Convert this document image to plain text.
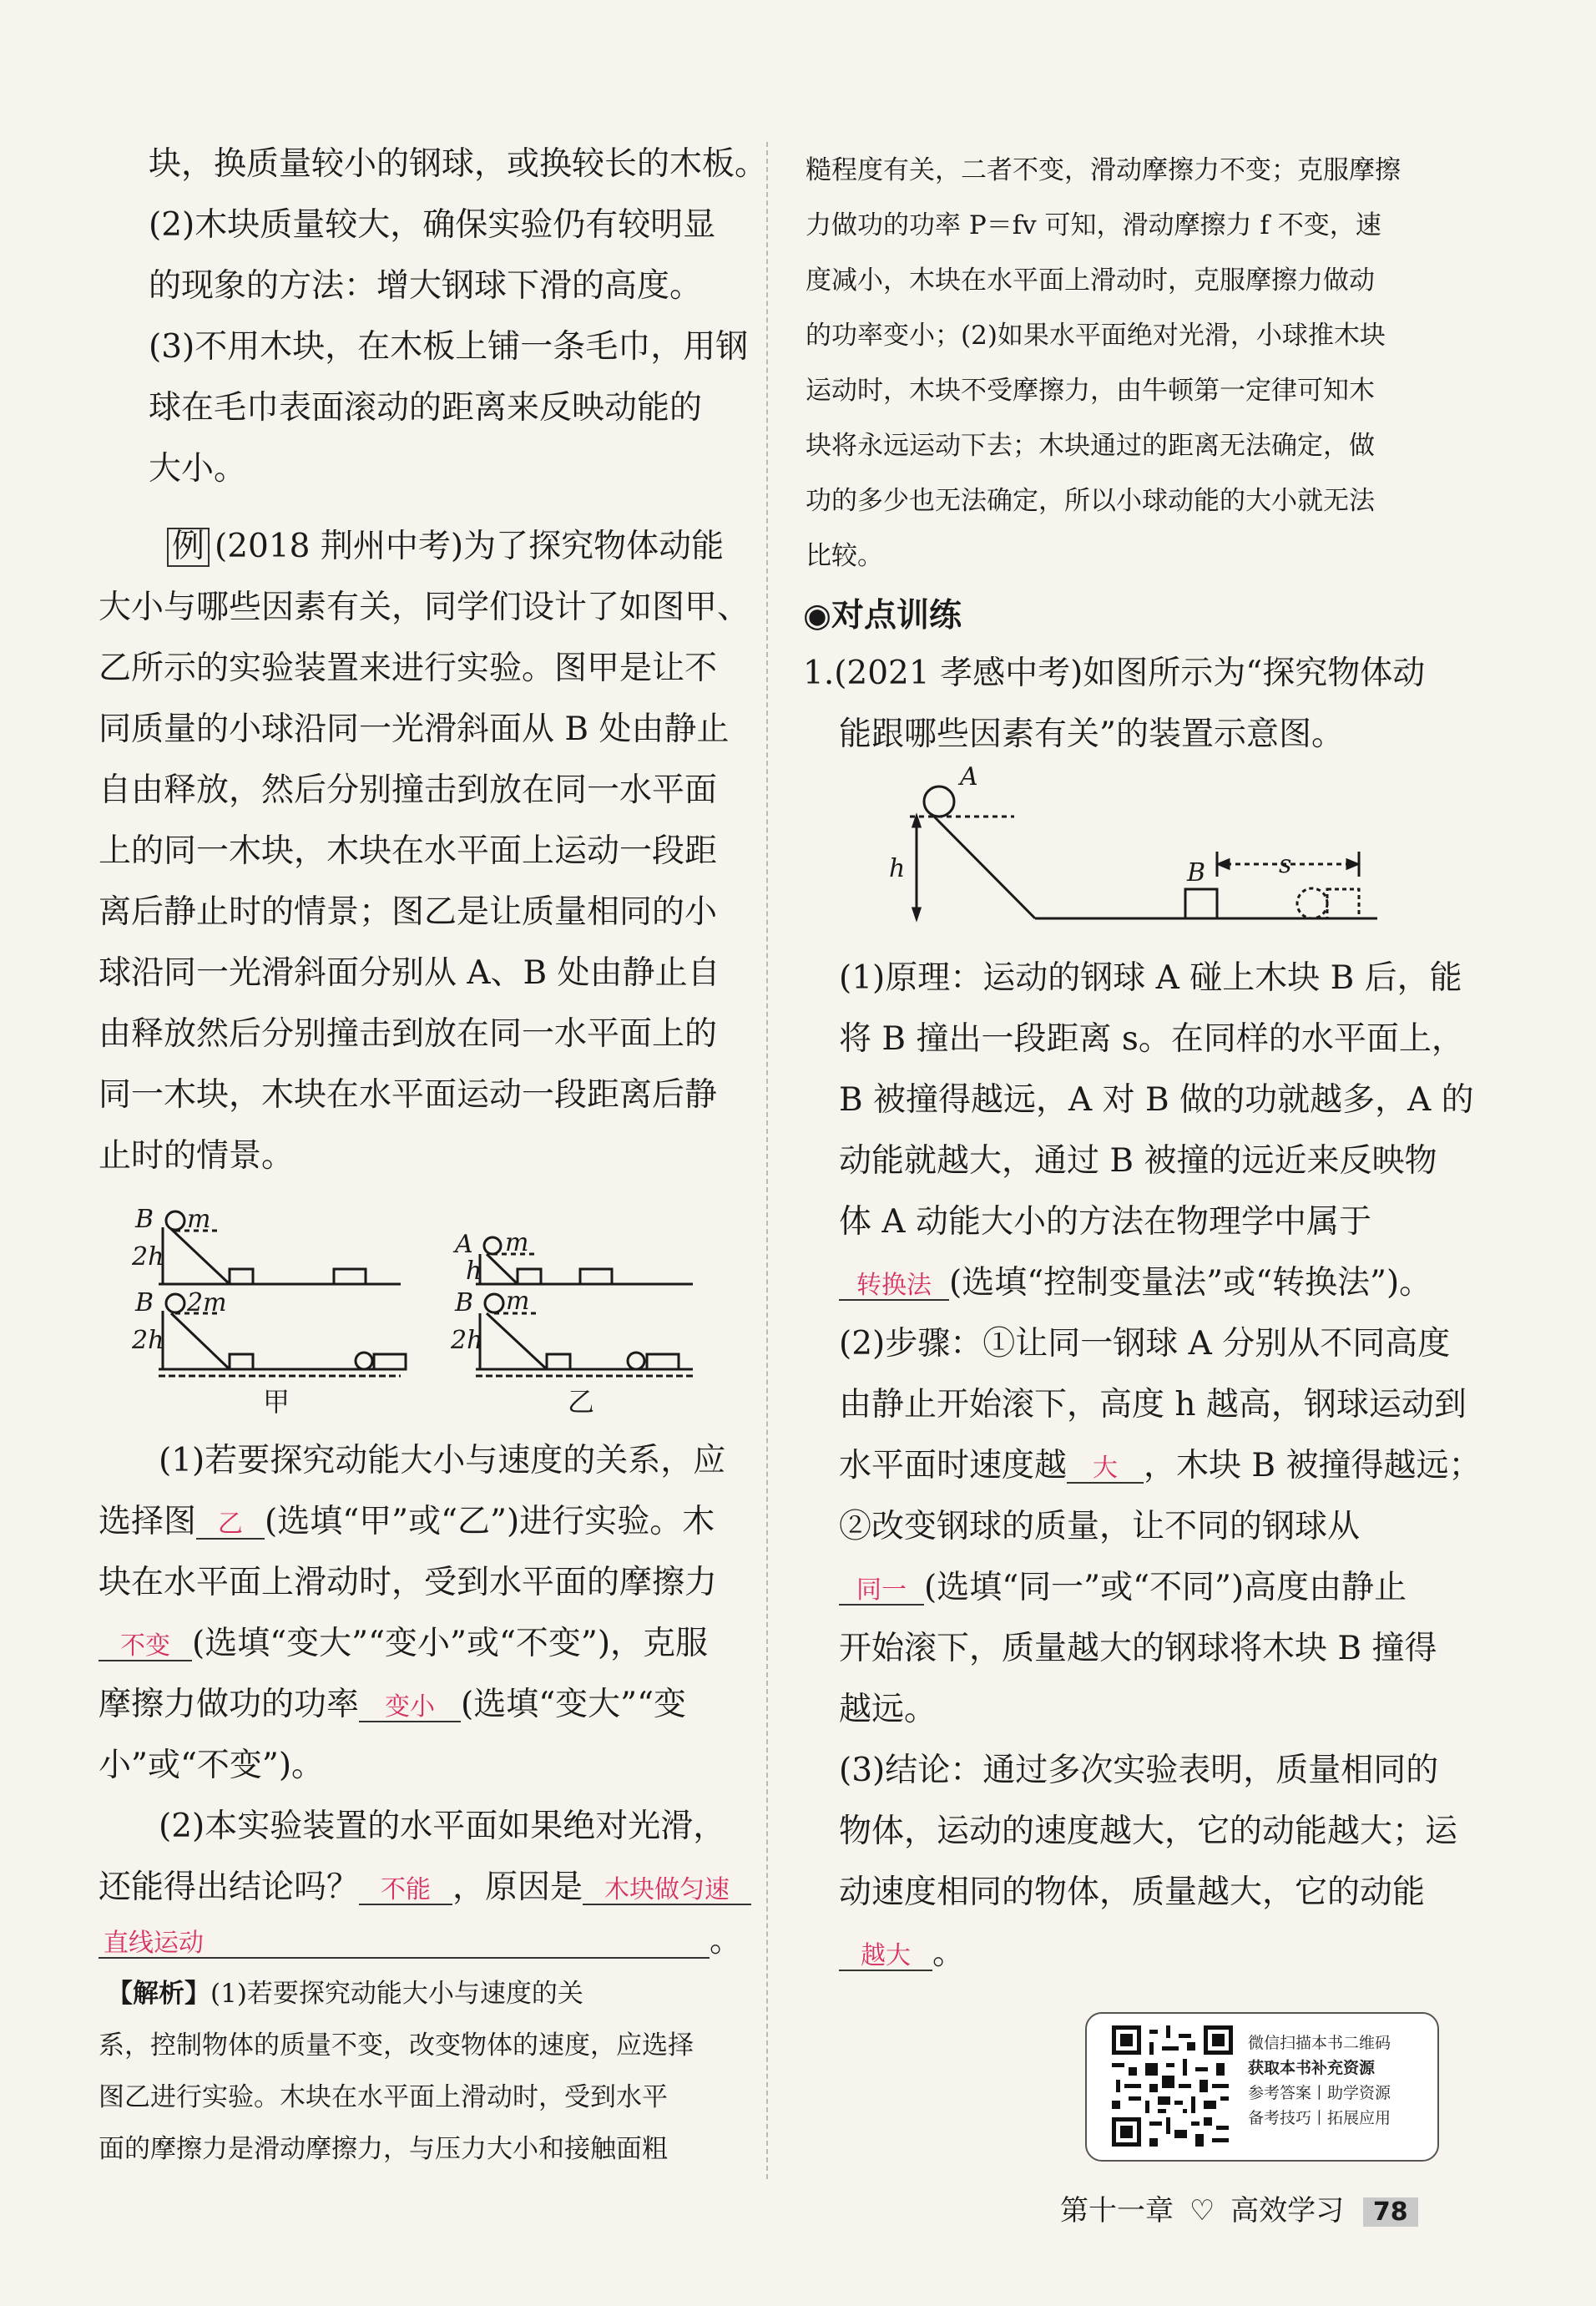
块，换质量较小的钢球，或换较长的木板。
(2)木块质量较大，确保实验仍有较明显
的现象的方法：增大钢球下滑的高度。
(3)不用木块，在木板上铺一条毛巾，用钢
球在毛巾表面滚动的距离来反映动能的
大小。
例 (2018 荆州中考)为了探究物体动能
大小与哪些因素有关，同学们设计了如图甲、
乙所示的实验装置来进行实验。图甲是让不
同质量的小球沿同一光滑斜面从 B 处由静止
自由释放，然后分别撞击到放在同一水平面
上的同一木块，木块在水平面上运动一段距
离后静止时的情景；图乙是让质量相同的小
球沿同一光滑斜面分别从 A、B 处由静止自
由释放然后分别撞击到放在同一水平面上的
同一木块，木块在水平面运动一段距离后静
止时的情景。
B m
2h
B 2m
2h
A m
h
B m
2h
甲	乙
(1)若要探究动能大小与速度的关系，应
选择图 乙 (选填“甲”或“乙”)进行实验。木
块在水平面上滑动时，受到水平面的摩擦力
不变 (选填“变大”“变小”或“不变”)，克服
摩擦力做功的功率 变小 (选填“变大”“变
小”或“不变”)。
(2)本实验装置的水平面如果绝对光滑，
还能得出结论吗？ 不能 ，原因是 木块做匀速
直线运动	。
【解析】(1)若要探究动能大小与速度的关
系，控制物体的质量不变，改变物体的速度，应选择
图乙进行实验。木块在水平面上滑动时，受到水平
面的摩擦力是滑动摩擦力，与压力大小和接触面粗
糙程度有关，二者不变，滑动摩擦力不变；克服摩擦
力做功的功率 P＝fv 可知，滑动摩擦力 f 不变，速
度减小，木块在水平面上滑动时，克服摩擦力做动
的功率变小；(2)如果水平面绝对光滑，小球推木块
运动时，木块不受摩擦力，由牛顿第一定律可知木
块将永远运动下去；木块通过的距离无法确定，做
功的多少也无法确定，所以小球动能的大小就无法
比较。
◉对点训练
1.(2021 孝感中考)如图所示为“探究物体动
能跟哪些因素有关”的装置示意图。
A
h	B	s
(1)原理：运动的钢球 A 碰上木块 B 后，能
将 B 撞出一段距离 s。在同样的水平面上，
B 被撞得越远，A 对 B 做的功就越多，A 的
动能就越大，通过 B 被撞的远近来反映物
体 A 动能大小的方法在物理学中属于
转换法 (选填“控制变量法”或“转换法”)。
(2)步骤：①让同一钢球 A 分别从不同高度
由静止开始滚下，高度 h 越高，钢球运动到
水平面时速度越 大 ，木块 B 被撞得越远；
②改变钢球的质量，让不同的钢球从
同一 (选填“同一”或“不同”)高度由静止
开始滚下，质量越大的钢球将木块 B 撞得
越远。
(3)结论：通过多次实验表明，质量相同的
物体，运动的速度越大，它的动能越大；运
动速度相同的物体，质量越大，它的动能
越大 。
微信扫描本书二维码
获取本书补充资源
参考答案丨助学资源
备考技巧丨拓展应用
第十一章 ♡ 高效学习 78
